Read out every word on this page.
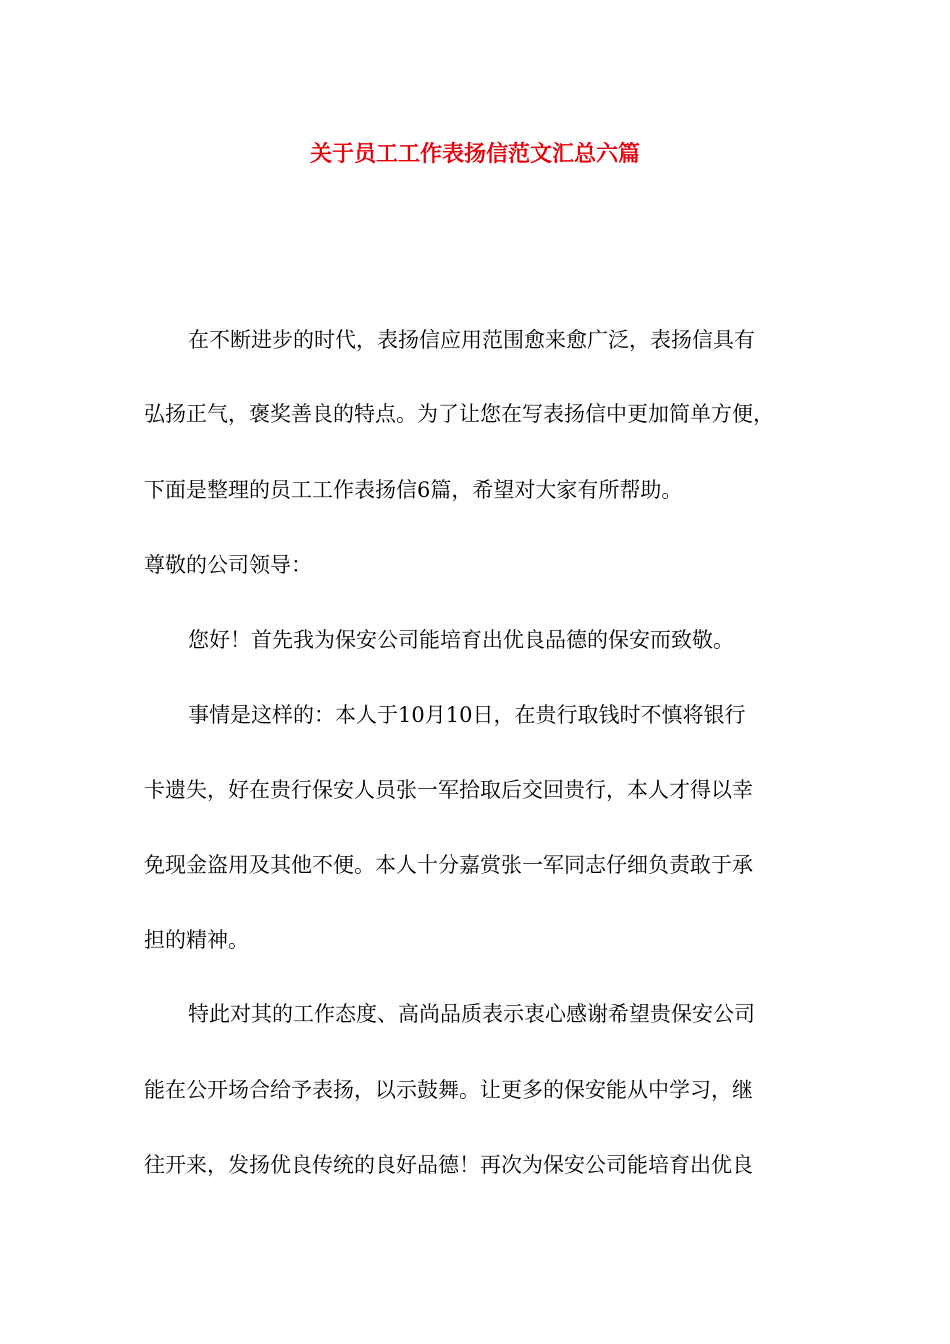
关于员工工作表扬信范文汇总六篇
在不断进步的时代，表扬信应用范围愈来愈广泛，表扬信具有
弘扬正气，褒奖善良的特点。为了让您在写表扬信中更加简单方便，
下面是整理的员工工作表扬信6篇，希望对大家有所帮助。
尊敬的公司领导：
您好！首先我为保安公司能培育出优良品德的保安而致敬。
事情是这样的：本人于10月10日，在贵行取钱时不慎将银行
卡遗失，好在贵行保安人员张一军拾取后交回贵行，本人才得以幸
免现金盗用及其他不便。本人十分嘉赏张一军同志仔细负责敢于承
担的精神。
特此对其的工作态度、高尚品质表示衷心感谢希望贵保安公司
能在公开场合给予表扬，以示鼓舞。让更多的保安能从中学习，继
往开来，发扬优良传统的良好品德！再次为保安公司能培育出优良
